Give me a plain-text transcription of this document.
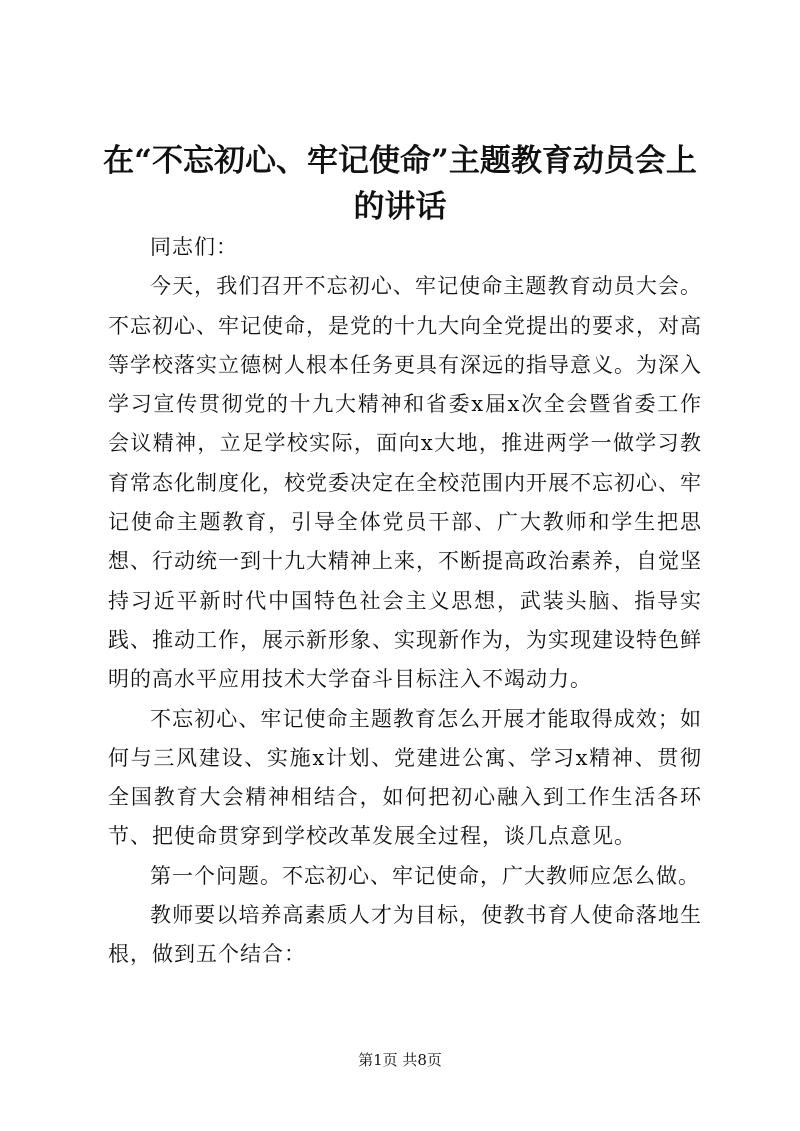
在“不忘初心、牢记使命”主题教育动员会上
的讲话

同志们：

今天，我们召开不忘初心、牢记使命主题教育动员大会。不忘初心、牢记使命，是党的十九大向全党提出的要求，对高等学校落实立德树人根本任务更具有深远的指导意义。为深入学习宣传贯彻党的十九大精神和省委x届x次全会暨省委工作会议精神，立足学校实际，面向x大地，推进两学一做学习教育常态化制度化，校党委决定在全校范围内开展不忘初心、牢记使命主题教育，引导全体党员干部、广大教师和学生把思想、行动统一到十九大精神上来，不断提高政治素养，自觉坚持习近平新时代中国特色社会主义思想，武装头脑、指导实践、推动工作，展示新形象、实现新作为，为实现建设特色鲜明的高水平应用技术大学奋斗目标注入不竭动力。

不忘初心、牢记使命主题教育怎么开展才能取得成效；如何与三风建设、实施x计划、党建进公寓、学习x精神、贯彻全国教育大会精神相结合，如何把初心融入到工作生活各环节、把使命贯穿到学校改革发展全过程，谈几点意见。

第一个问题。不忘初心、牢记使命，广大教师应怎么做。

教师要以培养高素质人才为目标，使教书育人使命落地生根，做到五个结合：

第1页 共8页
